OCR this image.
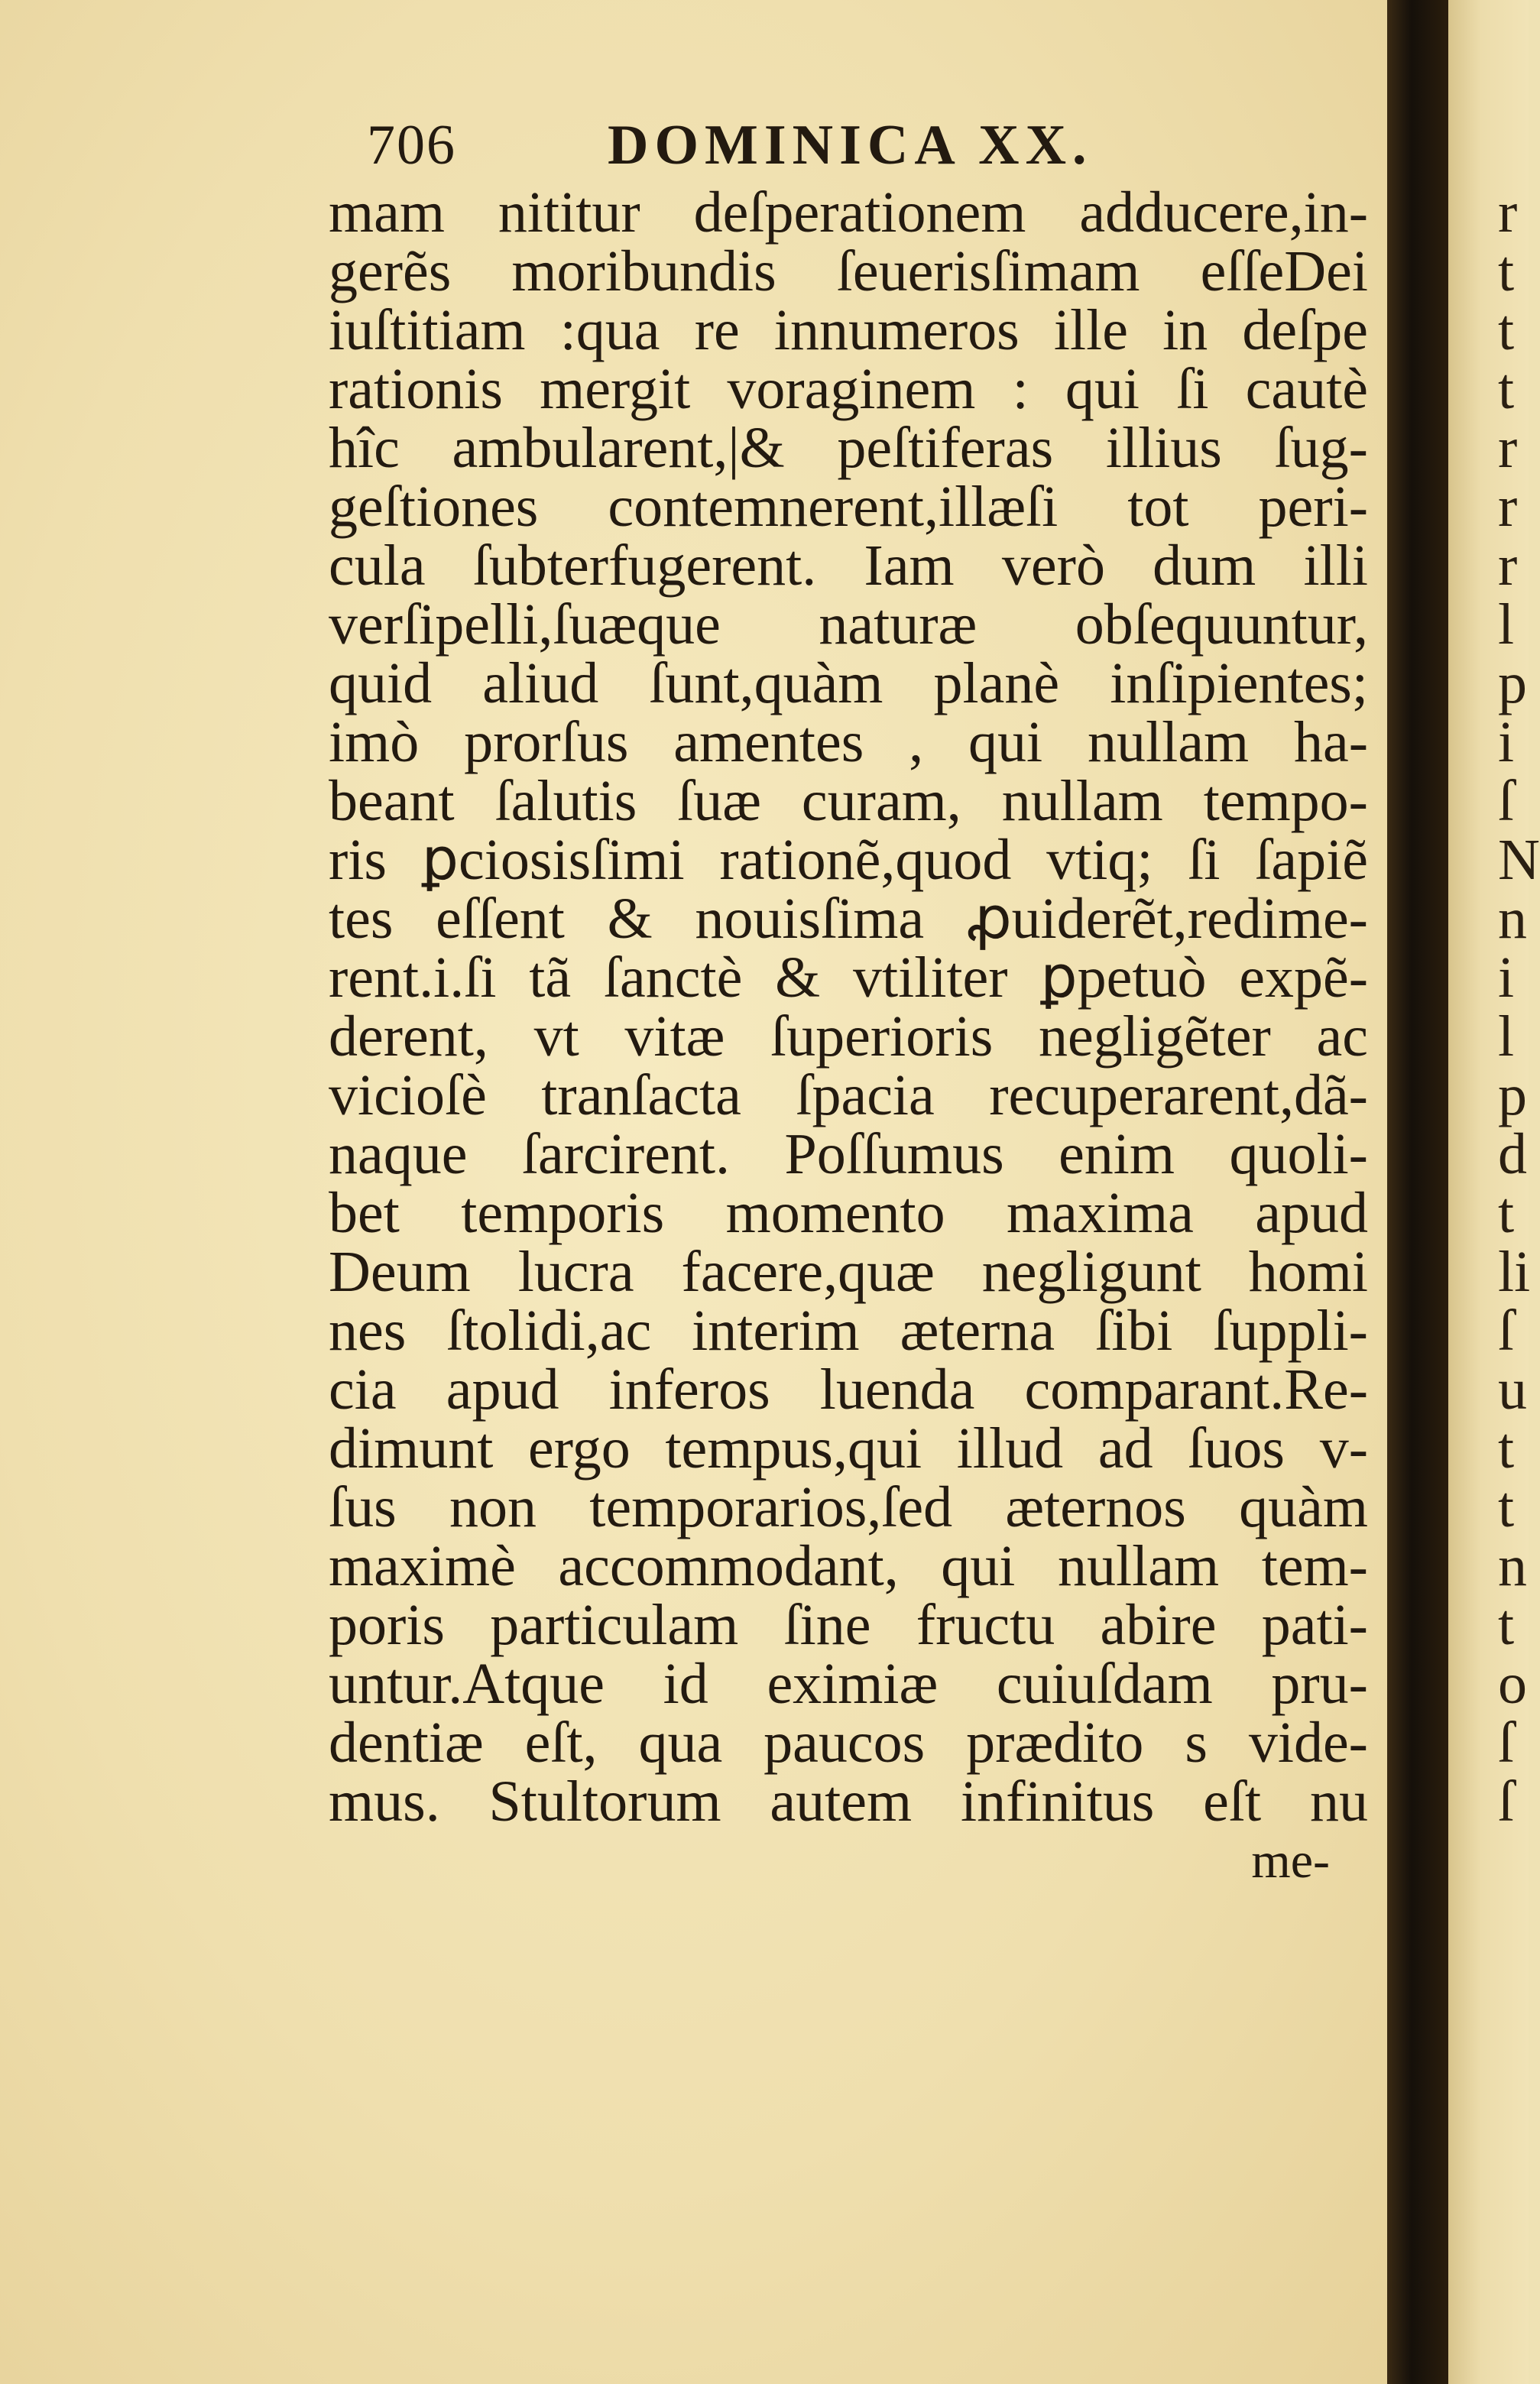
706	DOMINICA XX.
mam nititur deſperationem adducere,in-
gerẽs moribundis ſeuerisſimam eſſeDei
iuſtitiam :qua re innumeros ille in deſpe
rationis mergit voraginem : qui ſi cautè
hîc ambularent,|& peſtiferas illius ſug-
geſtiones contemnerent,illæſi tot peri-
cula ſubterfugerent. Iam verò dum illi
verſipelli,ſuæque naturæ obſequuntur,
quid aliud ſunt,quàm planè inſipientes;
imò prorſus amentes , qui nullam ha-
beant ſalutis ſuæ curam, nullam tempo-
ris ꝑciosisſimi rationẽ,quod vtiq; ſi ſapiẽ
tes eſſent & nouisſima ꝓuiderẽt,redime-
rent.i.ſi tã ſanctè & vtiliter ꝑpetuò expẽ-
derent, vt vitæ ſuperioris negligẽter ac
vicioſè tranſacta ſpacia recuperarent,dã-
naque ſarcirent. Poſſumus enim quoli-
bet temporis momento maxima apud
Deum lucra facere,quæ negligunt homi
nes ſtolidi,ac interim æterna ſibi ſuppli-
cia apud inferos luenda comparant.Re-
dimunt ergo tempus,qui illud ad ſuos v-
ſus non temporarios,ſed æternos quàm
maximè accommodant, qui nullam tem-
poris particulam ſine fructu abire pati-
untur.Atque id eximiæ cuiuſdam pru-
dentiæ eſt, qua paucos prædito s vide-
mus. Stultorum autem infinitus eſt nu
me-
r
t
t
t
r
r
r
l
p
i
ſ
N
n
i
l
p
d
t
li
ſ
u
t
t
n
t
o
ſ
ſ
